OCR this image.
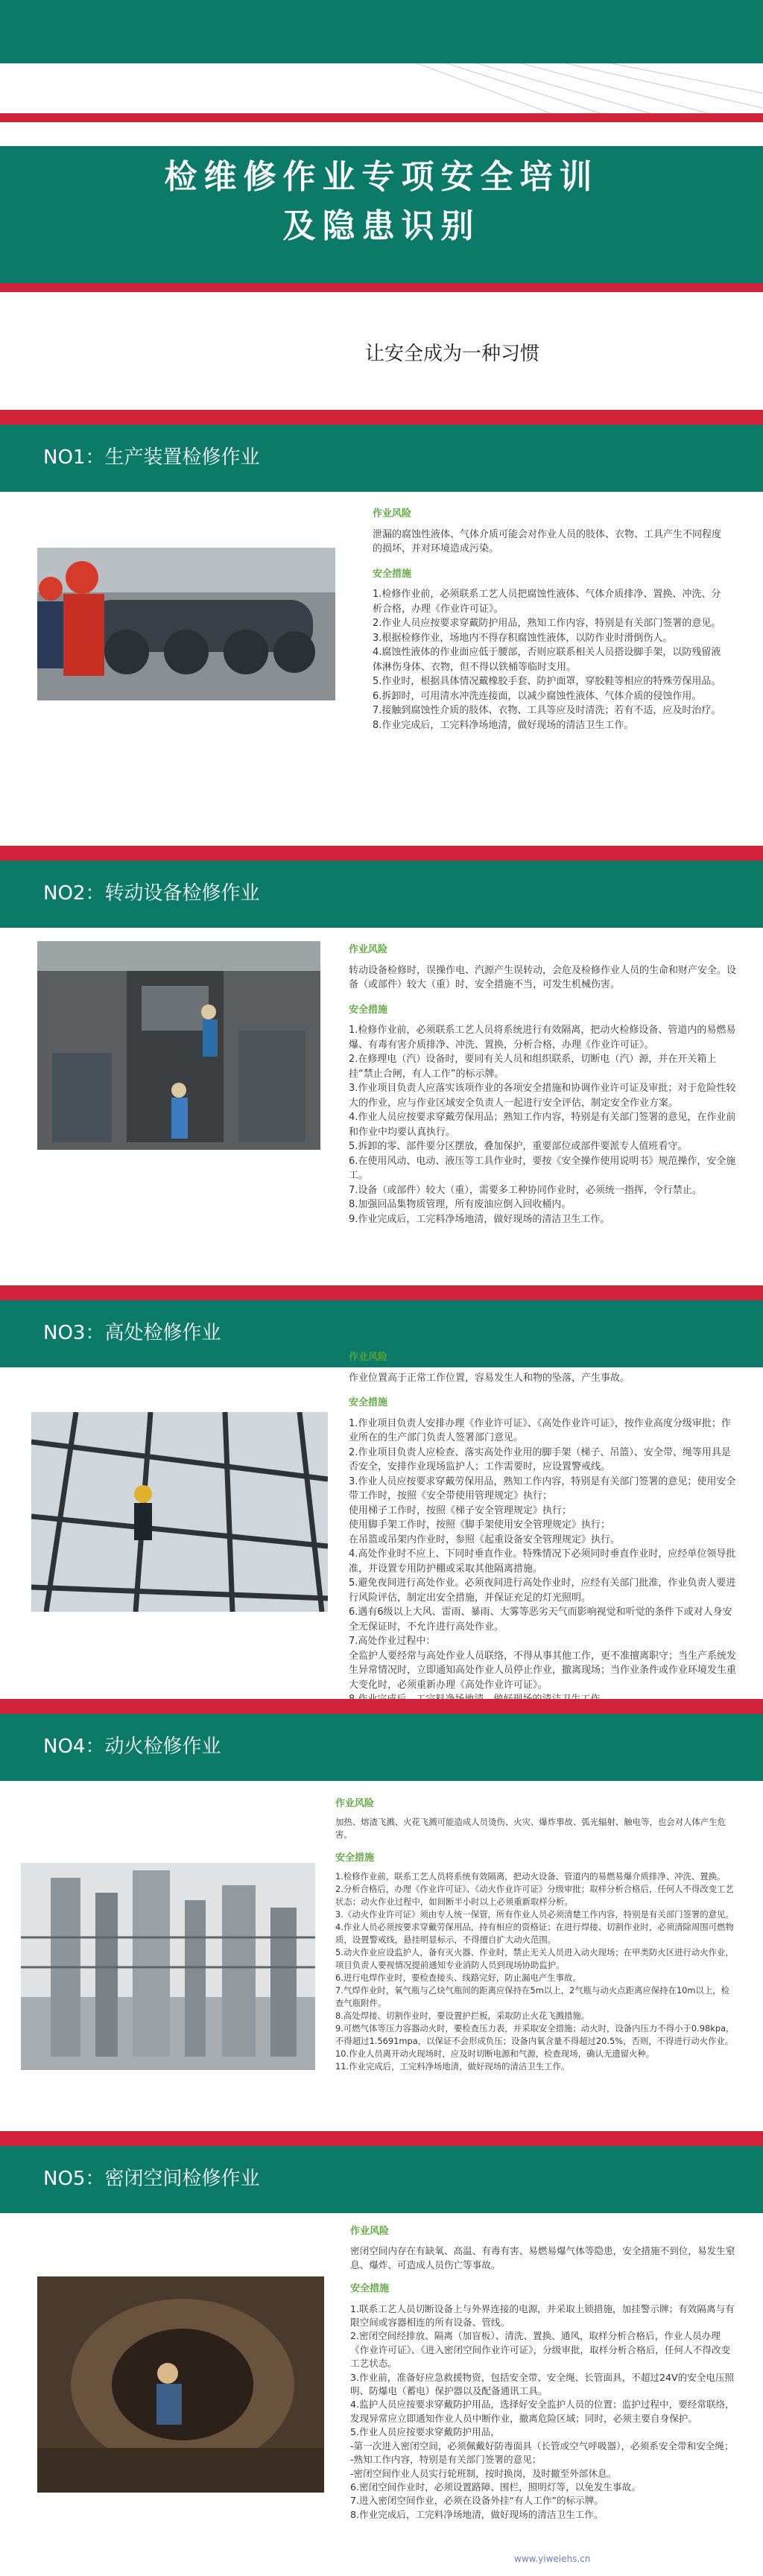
检维修作业专项安全培训
及隐患识别
让安全成为一种习惯
NO1：生产装置检修作业
作业风险

泄漏的腐蚀性液体、气体介质可能会对作业人员的肢体、衣物、工具产生不同程度的损坏，并对环境造成污染。

安全措施

1.检修作业前，必须联系工艺人员把腐蚀性液体、气体介质排净、置换、冲洗、分析合格，办理《作业许可证》。

2.作业人员应按要求穿戴防护用品，熟知工作内容，特别是有关部门签署的意见。

3.根据检修作业，场地内不得存积腐蚀性液体，以防作业时滑倒伤人。

4.腐蚀性液体的作业面应低于腰部，否则应联系相关人员搭设脚手架，以防残留液体淋伤身体、衣物，但不得以铁桶等临时支用。

5.作业时，根据具体情况戴橡胶手套、防护面罩，穿胶鞋等相应的特殊劳保用品。

6.拆卸时，可用清水冲洗连接面，以减少腐蚀性液体、气体介质的侵蚀作用。

7.接触到腐蚀性介质的肢体、衣物、工具等应及时清洗；若有不适，应及时治疗。

8.作业完成后，工完料净场地清，做好现场的清洁卫生工作。

NO2：转动设备检修作业
作业风险

转动设备检修时，误操作电、汽源产生误转动，会危及检修作业人员的生命和财产安全。设备（或部件）较大（重）时，安全措施不当，可发生机械伤害。

安全措施

1.检修作业前，必须联系工艺人员将系统进行有效隔离，把动火检修设备、管道内的易燃易爆、有毒有害介质排净、冲洗、置换，分析合格，办理《作业许可证》。

2.在修理电（汽）设备时，要同有关人员和组织联系，切断电（汽）源，并在开关箱上挂“禁止合闸，有人工作”的标示牌。

3.作业项目负责人应落实该项作业的各项安全措施和协调作业许可证及审批；对于危险性较大的作业，应与作业区域安全负责人一起进行安全评估，制定安全作业方案。

4.作业人员应按要求穿戴劳保用品；熟知工作内容，特别是有关部门签署的意见，在作业前和作业中均要认真执行。

5.拆卸的零、部件要分区摆放，叠加保护，重要部位或部件要派专人值班看守。

6.在使用风动、电动、液压等工具作业时，要按《安全操作使用说明书》规范操作，安全施工。

7.设备（或部件）较大（重），需要多工种协同作业时，必须统一指挥，令行禁止。

8.加强回品集物质管理，所有废油应倒入回收桶内。

9.作业完成后，工完料净场地清，做好现场的清洁卫生工作。

NO3：高处检修作业
作业风险

作业位置高于正常工作位置，容易发生人和物的坠落，产生事故。

安全措施

1.作业项目负责人安排办理《作业许可证》、《高处作业许可证》，按作业高度分级审批；作业所在的生产部门负责人签署部门意见。

2.作业项目负责人应检查、落实高处作业用的脚手架（梯子、吊篮）、安全带、绳等用具是否安全，安排作业现场监护人；工作需要时，应设置警戒线。

3.作业人员应按要求穿戴劳保用品，熟知工作内容，特别是有关部门签署的意见；使用安全带工作时，按照《安全带使用管理规定》执行；

使用梯子工作时，按照《梯子安全管理规定》执行；

使用脚手架工作时，按照《脚手架使用安全管理规定》执行；

在吊篮或吊架内作业时，参照《起重设备安全管理规定》执行。

4.高处作业时不应上、下同时垂直作业。特殊情况下必须同时垂直作业时，应经单位领导批准，并设置专用防护棚或采取其他隔离措施。

5.避免夜间进行高处作业。必须夜间进行高处作业时，应经有关部门批准，作业负责人要进行风险评估，制定出安全措施，并保证充足的灯光照明。

6.遇有6级以上大风、雷雨、暴雨、大雾等恶劣天气而影响视觉和听觉的条件下或对人身安全无保证时，不允许进行高处作业。

7.高处作业过程中：

全监护人要经常与高处作业人员联络，不得从事其他工作，更不准擅离职守；当生产系统发生异常情况时，立即通知高处作业人员停止作业，撤离现场；当作业条件或作业环境发生重大变化时，必须重新办理《高处作业许可证》。

NO4：动火检修作业
作业风险

加热、熔渣飞溅、火花飞溅可能造成人员烫伤、火灾、爆炸事故、弧光辐射、触电等，也会对人体产生危害。

安全措施

1.检修作业前，联系工艺人员将系统有效隔离，把动火设备、管道内的易燃易爆介质排净、冲洗、置换。

2.分析合格后，办理《作业许可证》、《动火作业许可证》分级审批；取样分析合格后，任何人不得改变工艺状态；动火作业过程中，如间断半小时以上必须重新取样分析。

3.《动火作业许可证》须由专人统一保管，所有作业人员必须清楚工作内容，特别是有关部门签署的意见。

4.作业人员必须按要求穿戴劳保用品，持有相应的资格证；在进行焊接、切割作业时，必须清除周围可燃物质，设置警戒线，悬挂明显标示，不得擅自扩大动火范围。

5.动火作业应设监护人，备有灭火器、作业时，禁止无关人员进入动火现场；在甲类防火区进行动火作业，项目负责人要视情况提前通知专业消防人员到现场协助监护。

6.进行电焊作业时，要检查接头、线路完好，防止漏电产生事故。

7.气焊作业时，氧气瓶与乙炔气瓶间的距离应保持在5m以上，2气瓶与动火点距离应保持在10m以上，检查气瓶附件。

8.高处焊接、切割作业时，要设置护拦板，采取防止火花飞溅措施。

9.可燃气体等压力容器动火时，要检查压力表，并采取安全措施；动火时，设备内压力不得小于0.98kpa，不得超过1.5691mpa，以保证不会形成负压；设备内氧含量不得超过20.5%，否则，不得进行动火作业。

10.作业人员离开动火现场时，应及时切断电源和气源，检查现场，确认无遗留火种。

11.作业完成后，工完料净场地清，做好现场的清洁卫生工作。

NO5：密闭空间检修作业
作业风险

密闭空间内存在有缺氧、高温、有毒有害、易燃易爆气体等隐患，安全措施不到位，易发生窒息、爆炸、可造成人员伤亡等事故。

安全措施

1.联系工艺人员切断设备上与外界连接的电源，并采取上锁措施，加挂警示牌；有效隔离与有限空间或容器相连的所有设备、管线。

2.密闭空间经排放、隔离（加盲板）、清洗、置换、通风，取样分析合格后，作业人员办理《作业许可证》、《进入密闭空间作业许可证》，分级审批，取样分析合格后，任何人不得改变工艺状态。

3.作业前，准备好应急救援物资，包括安全带、安全绳、长管面具，不超过24V的安全电压照明、防爆电（蓄电）保护器以及配备通讯工具。

4.监护人员应按要求穿戴防护用品，选择好安全监护人员的位置；监护过程中，要经常联络，发现异常应立即通知作业人员中断作业，撤离危险区域；同时，必须主要自身保护。

5.作业人员应按要求穿戴防护用品，

-第一次进入密闭空间，必须佩戴好防毒面具（长管或空气呼吸器），必须系安全带和安全绳；

-熟知工作内容，特别是有关部门签署的意见；

-密闭空间作业人员实行轮班制，按时换岗，及时撤至外部休息。

6.密闭空间作业时，必须设置路障、围栏，照明灯等，以免发生事故。

7.进入密闭空间作业，必须在设备外挂“有人工作”的标示牌。

8.作业完成后，工完料净场地清，做好现场的清洁卫生工作。

www.yiweiehs.cn
